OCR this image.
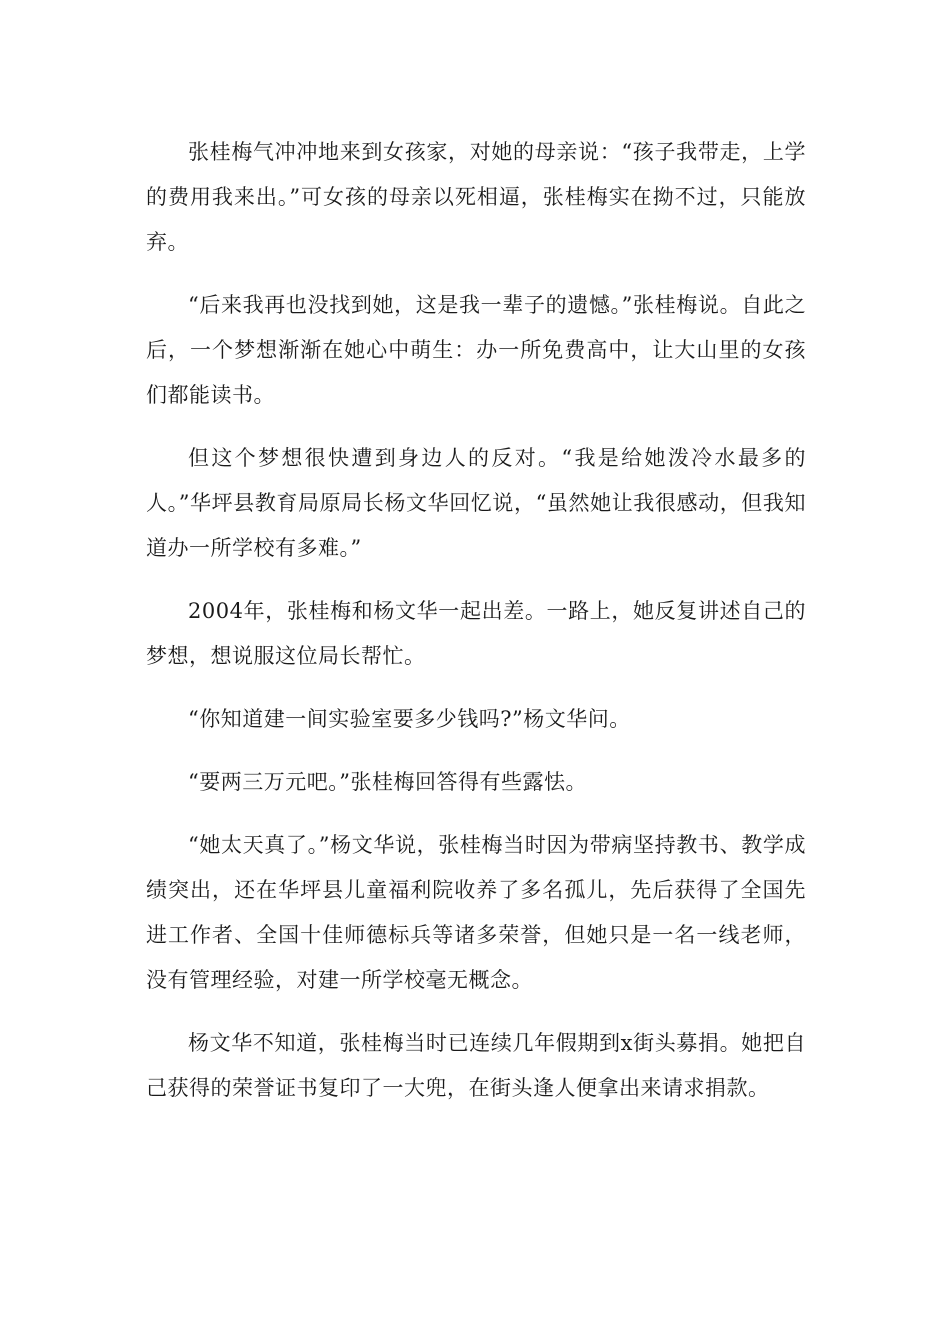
张桂梅气冲冲地来到女孩家，对她的母亲说：“孩子我带走，上学的费用我来出。”可女孩的母亲以死相逼，张桂梅实在拗不过，只能放弃。

“后来我再也没找到她，这是我一辈子的遗憾。”张桂梅说。自此之后，一个梦想渐渐在她心中萌生：办一所免费高中，让大山里的女孩们都能读书。

但这个梦想很快遭到身边人的反对。“我是给她泼冷水最多的人。”华坪县教育局原局长杨文华回忆说，“虽然她让我很感动，但我知道办一所学校有多难。”

2004年，张桂梅和杨文华一起出差。一路上，她反复讲述自己的梦想，想说服这位局长帮忙。

“你知道建一间实验室要多少钱吗?”杨文华问。

“要两三万元吧。”张桂梅回答得有些露怯。

“她太天真了。”杨文华说，张桂梅当时因为带病坚持教书、教学成绩突出，还在华坪县儿童福利院收养了多名孤儿，先后获得了全国先进工作者、全国十佳师德标兵等诸多荣誉，但她只是一名一线老师，没有管理经验，对建一所学校毫无概念。

杨文华不知道，张桂梅当时已连续几年假期到x街头募捐。她把自己获得的荣誉证书复印了一大兜，在街头逢人便拿出来请求捐款。
